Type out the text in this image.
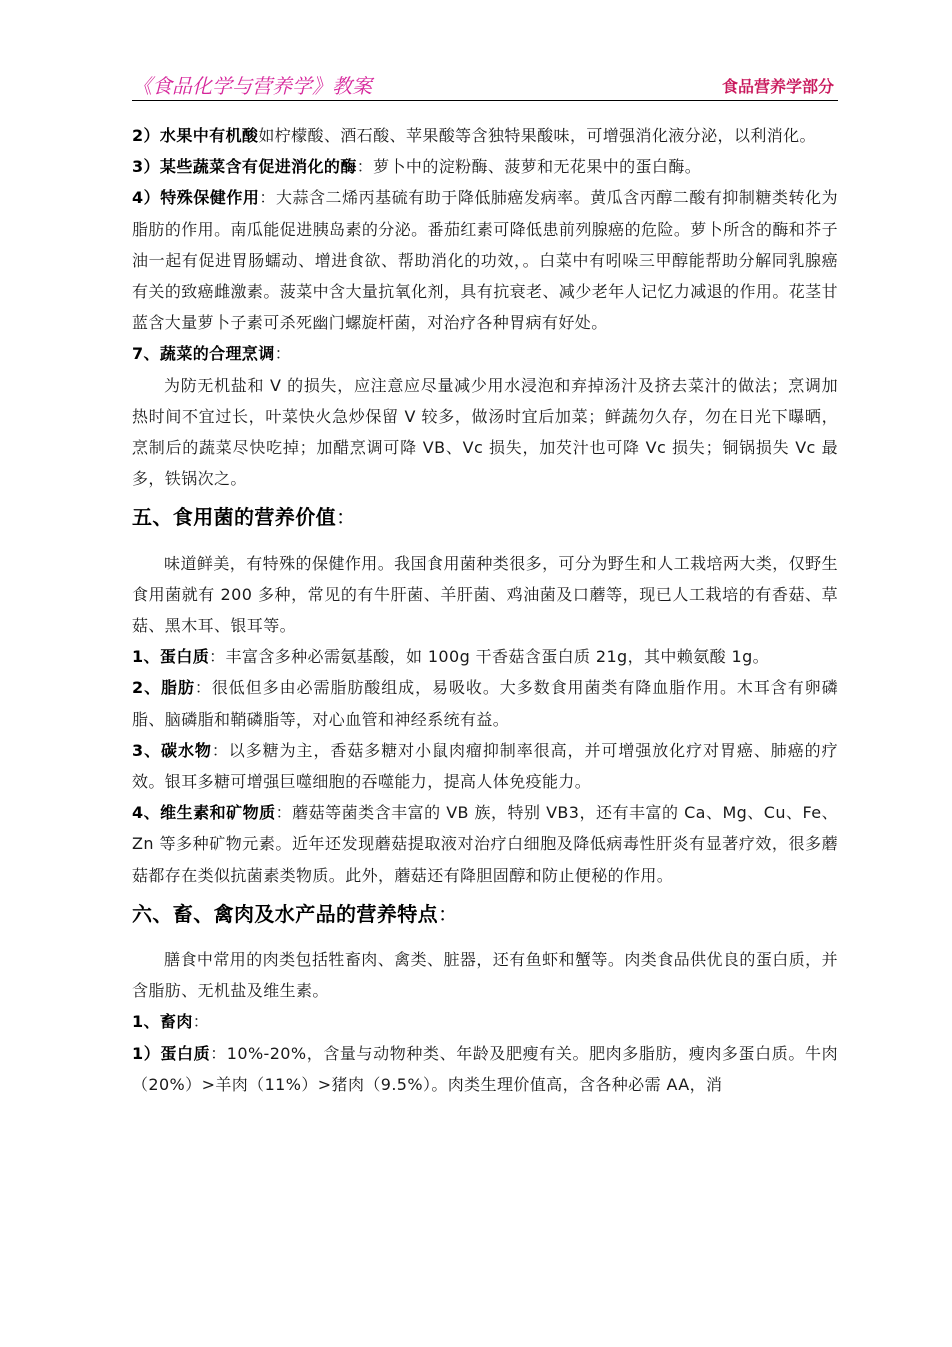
《食品化学与营养学》教案	食品营养学部分

2）水果中有机酸如柠檬酸、酒石酸、苹果酸等含独特果酸味，可增强消化液分泌，以利消化。

3）某些蔬菜含有促进消化的酶：萝卜中的淀粉酶、菠萝和无花果中的蛋白酶。

4）特殊保健作用：大蒜含二烯丙基硫有助于降低肺癌发病率。黄瓜含丙醇二酸有抑制糖类转化为脂肪的作用。南瓜能促进胰岛素的分泌。番茄红素可降低患前列腺癌的危险。萝卜所含的酶和芥子油一起有促进胃肠蠕动、增进食欲、帮助消化的功效，。白菜中有吲哚三甲醇能帮助分解同乳腺癌有关的致癌雌激素。菠菜中含大量抗氧化剂，具有抗衰老、减少老年人记忆力减退的作用。花茎甘蓝含大量萝卜子素可杀死幽门螺旋杆菌，对治疗各种胃病有好处。

7、蔬菜的合理烹调：

为防无机盐和 V 的损失，应注意应尽量减少用水浸泡和弃掉汤汁及挤去菜汁的做法；烹调加热时间不宜过长，叶菜快火急炒保留 V 较多，做汤时宜后加菜；鲜蔬勿久存，勿在日光下曝晒，烹制后的蔬菜尽快吃掉；加醋烹调可降 VB、Vc 损失，加芡汁也可降 Vc 损失；铜锅损失 Vc 最多，铁锅次之。

五、食用菌的营养价值：

味道鲜美，有特殊的保健作用。我国食用菌种类很多，可分为野生和人工栽培两大类，仅野生食用菌就有 200 多种，常见的有牛肝菌、羊肝菌、鸡油菌及口蘑等，现已人工栽培的有香菇、草菇、黑木耳、银耳等。

1、蛋白质：丰富含多种必需氨基酸，如 100g 干香菇含蛋白质 21g，其中赖氨酸 1g。

2、脂肪：很低但多由必需脂肪酸组成，易吸收。大多数食用菌类有降血脂作用。木耳含有卵磷脂、脑磷脂和鞘磷脂等，对心血管和神经系统有益。

3、碳水物：以多糖为主，香菇多糖对小鼠肉瘤抑制率很高，并可增强放化疗对胃癌、肺癌的疗效。银耳多糖可增强巨噬细胞的吞噬能力，提高人体免疫能力。

4、维生素和矿物质：蘑菇等菌类含丰富的 VB 族，特别 VB3，还有丰富的 Ca、Mg、Cu、Fe、Zn 等多种矿物元素。近年还发现蘑菇提取液对治疗白细胞及降低病毒性肝炎有显著疗效，很多蘑菇都存在类似抗菌素类物质。此外，蘑菇还有降胆固醇和防止便秘的作用。

六、畜、禽肉及水产品的营养特点：

膳食中常用的肉类包括牲畜肉、禽类、脏器，还有鱼虾和蟹等。肉类食品供优良的蛋白质，并含脂肪、无机盐及维生素。

1、畜肉：

1）蛋白质：10%-20%，含量与动物种类、年龄及肥瘦有关。肥肉多脂肪，瘦肉多蛋白质。牛肉（20%）>羊肉（11%）>猪肉（9.5%）。肉类生理价值高，含各种必需 AA，消
